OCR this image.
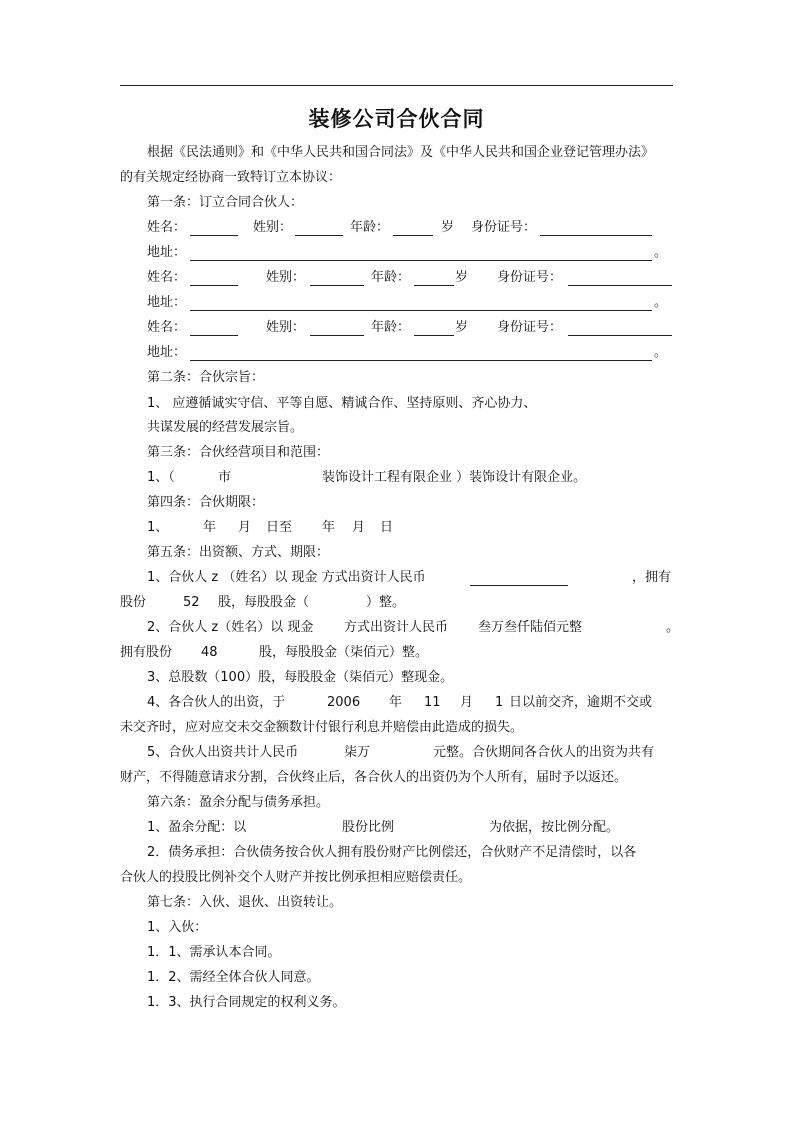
装修公司合伙合同
根据《民法通则》和《中华人民共和国合同法》及《中华人民共和国企业登记管理办法》
的有关规定经协商一致特订立本协议：
第一条：订立合同合伙人：
姓名：	姓别：	年龄：	岁 身份证号：
地址：	。
姓名：	姓别：	年龄：	岁 身份证号：
地址：	。
姓名：	姓别：	年龄：	岁 身份证号：
地址：	。
第二条：合伙宗旨：
1、 应遵循诚实守信、平等自愿、精诚合作、坚持原则、齐心协力、
共谋发展的经营发展宗旨。
第三条：合伙经营项目和范围：
1、（	市	装饰设计工程有限企业 ）装饰设计有限企业。
第四条：合伙期限：
1、	年 月 日至 年 月 日
第五条：出资额、方式、期限：
1、合伙人 z （姓名）以 现金 方式出资计人民币	，拥有
股份	52 股，每股股金（	）整。
2、合伙人 z（姓名）以 现金 方式出资计人民币 叁万叁仟陆佰元整	。
拥有股份 48	股，每股股金（柒佰元）整。
3、总股数（100）股，每股股金（柒佰元）整现金。
4、各合伙人的出资，于	2006 年 11 月 1 日以前交齐，逾期不交或
未交齐时，应对应交未交金额数计付银行利息并赔偿由此造成的损失。
5、合伙人出资共计人民币	柒万	元整。合伙期间各合伙人的出资为共有
财产，不得随意请求分割，合伙终止后，各合伙人的出资仍为个人所有，届时予以返还。
第六条：盈余分配与债务承担。
1、盈余分配：以	股份比例	为依据，按比例分配。
2．债务承担：合伙债务按合伙人拥有股份财产比例偿还，合伙财产不足清偿时，以各
合伙人的投股比例补交个人财产并按比例承担相应赔偿责任。
第七条：入伙、退伙、出资转让。
1、入伙：
1．1、需承认本合同。
1．2、需经全体合伙人同意。
1．3、执行合同规定的权利义务。
